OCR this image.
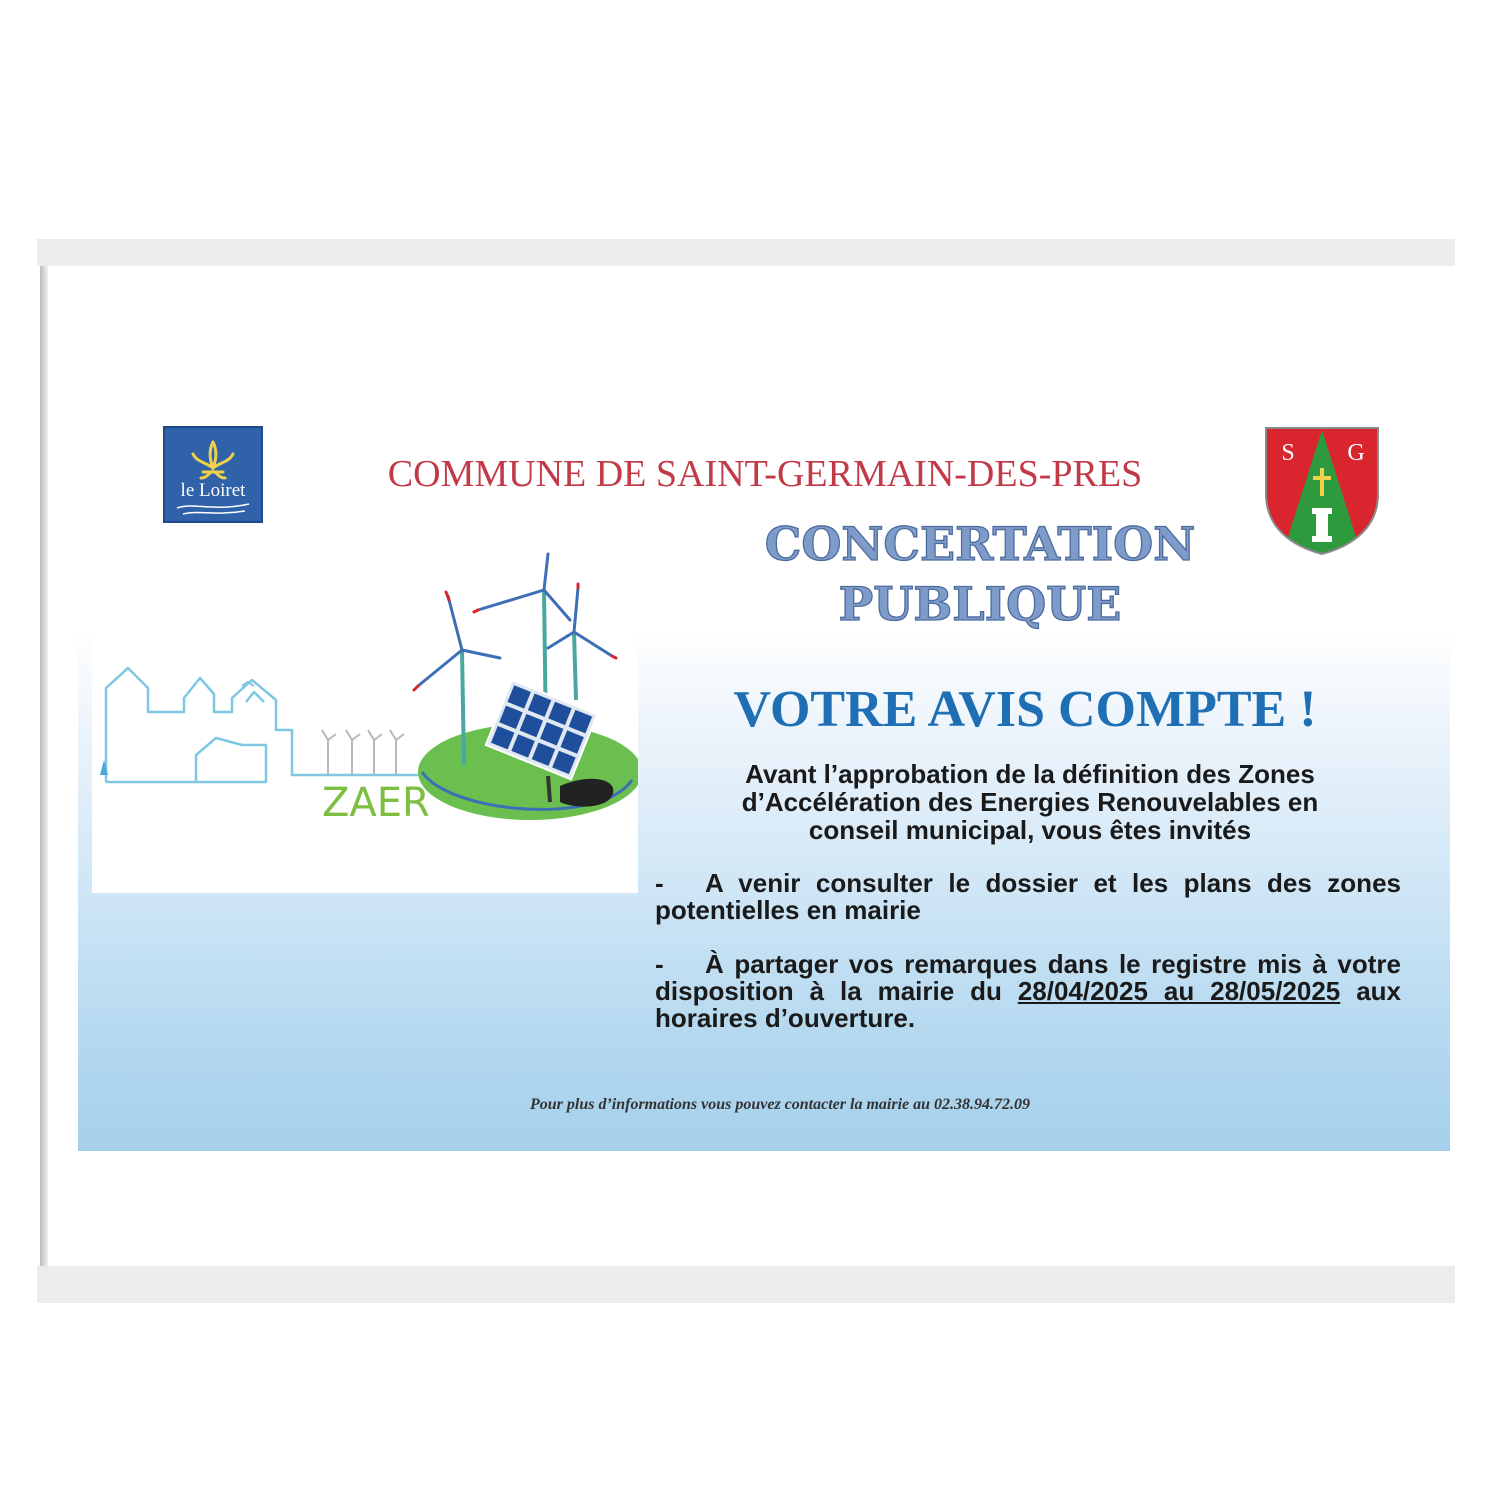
le Loiret	COMMUNE DE SAINT-GERMAIN-DES-PRES	S G
CONCERTATION
PUBLIQUE
ZAER
VOTRE AVIS COMPTE !
Avant l’approbation de la définition des Zones
d’Accélération des Energies Renouvelables en
conseil municipal, vous êtes invités
- A venir consulter le dossier et les plans des zones potentielles en mairie
- À partager vos remarques dans le registre mis à votre disposition à la mairie du 28/04/2025 au 28/05/2025 aux horaires d’ouverture.
Pour plus d’informations vous pouvez contacter la mairie au 02.38.94.72.09
